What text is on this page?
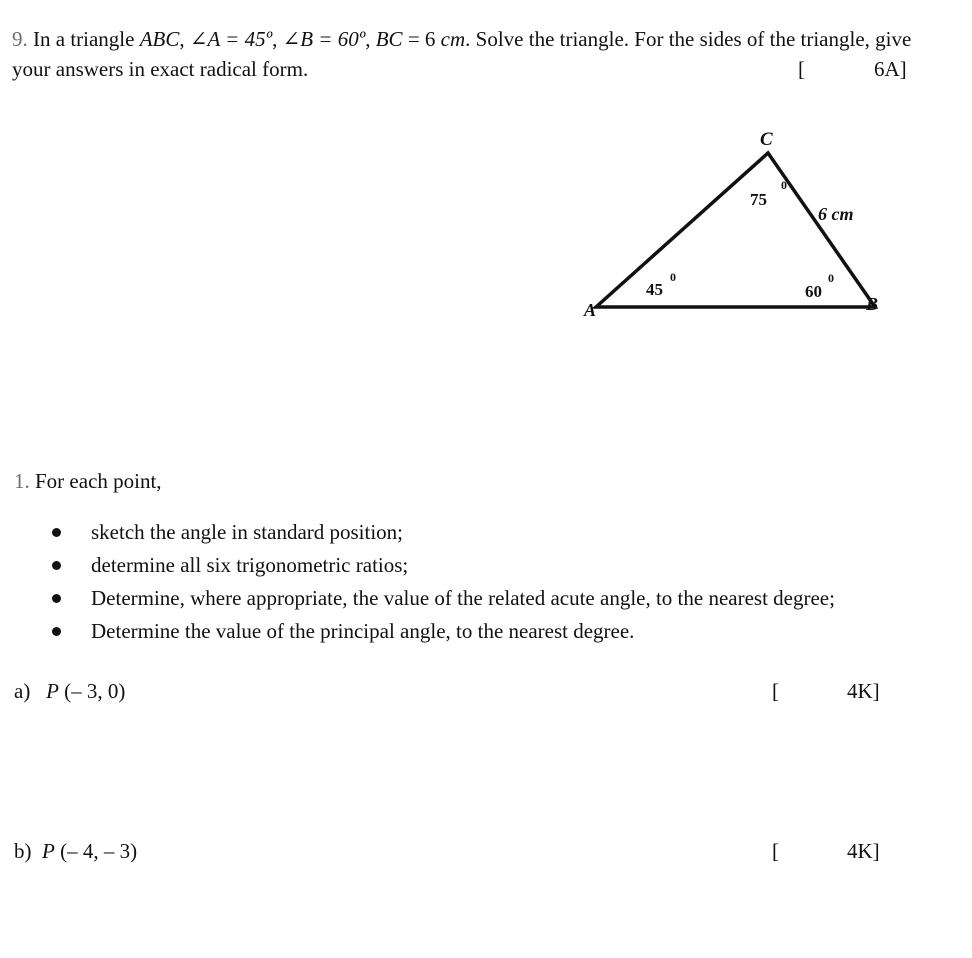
9. In a triangle ABC, ∠A = 45º, ∠B = 60º, BC = 6 cm. Solve the triangle. For the sides of the triangle, give
your answers in exact radical form.	[	6A]
C
A	B
6 cm
75
0
45
0
60
0
1. For each point,
sketch the angle in standard position;
determine all six trigonometric ratios;
Determine, where appropriate, the value of the related acute angle, to the nearest degree;
Determine the value of the principal angle, to the nearest degree.
a) P (– 3, 0)	[	4K]
b) P (– 4, – 3)	[	4K]
